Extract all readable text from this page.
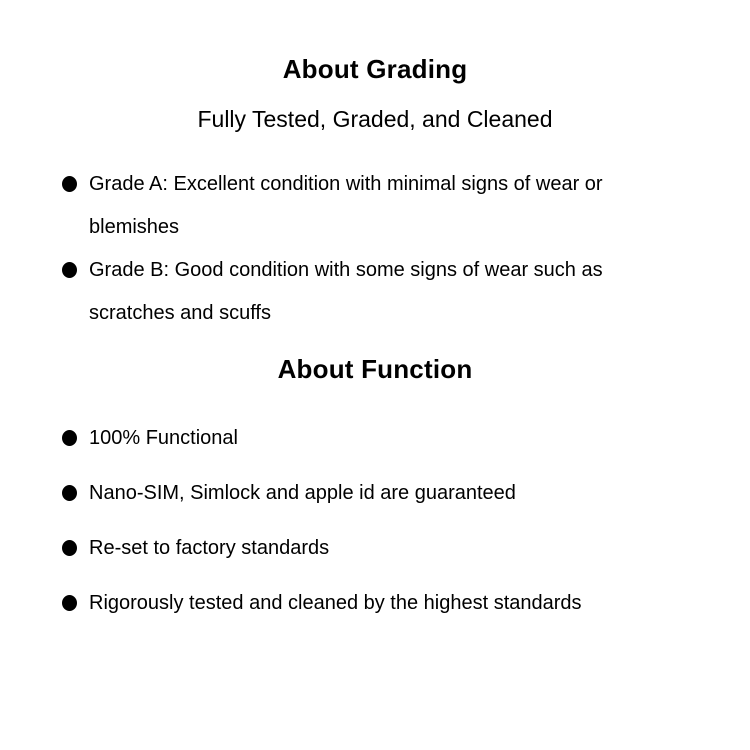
About Grading

Fully Tested, Graded, and Cleaned

Grade A: Excellent condition with minimal signs of wear or blemishes
Grade B: Good condition with some signs of wear such as scratches and scuffs
About Function
100% Functional
Nano-SIM, Simlock and apple id are guaranteed
Re-set to factory standards
Rigorously tested and cleaned by the highest standards
